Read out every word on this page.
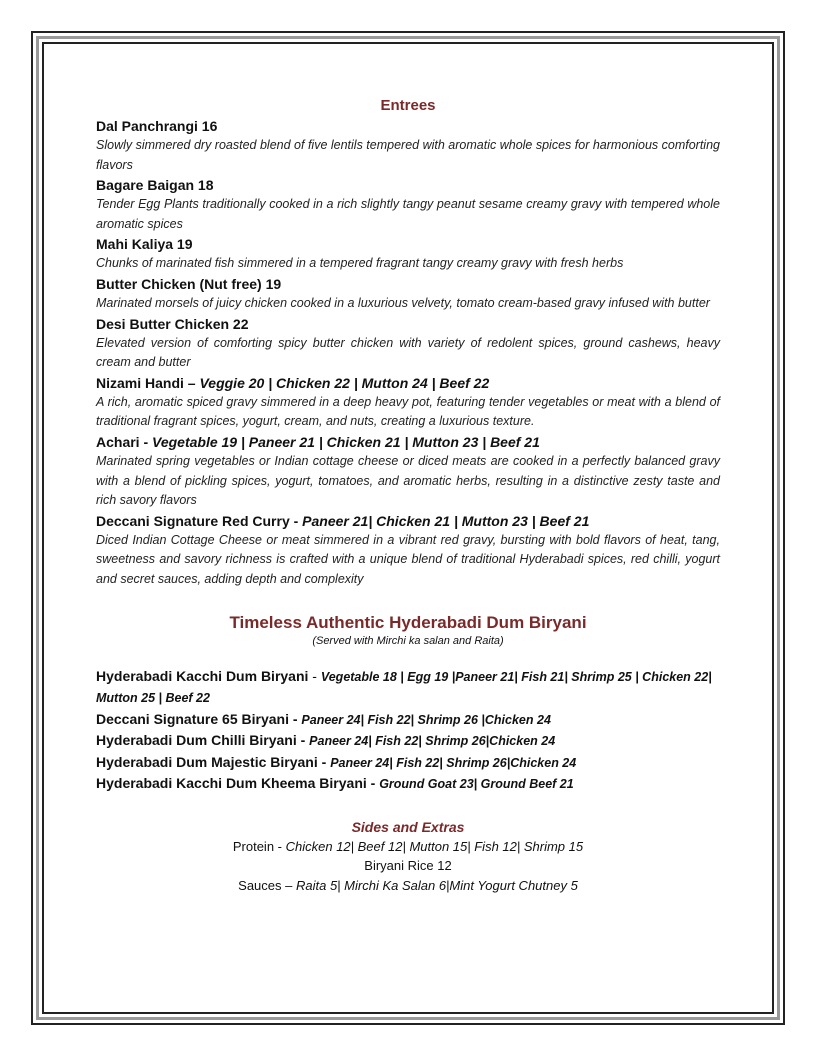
Entrees

Dal Panchrangi 16

Slowly simmered dry roasted blend of five lentils tempered with aromatic whole spices for harmonious comforting flavors

Bagare Baigan 18

Tender Egg Plants traditionally cooked in a rich slightly tangy peanut sesame creamy gravy with tempered whole aromatic spices

Mahi Kaliya 19

Chunks of marinated fish simmered in a tempered fragrant tangy creamy gravy with fresh herbs

Butter Chicken (Nut free) 19

Marinated morsels of juicy chicken cooked in a luxurious velvety, tomato cream-based gravy infused with butter

Desi Butter Chicken 22

Elevated version of comforting spicy butter chicken with variety of redolent spices, ground cashews, heavy cream and butter

Nizami Handi – Veggie 20 | Chicken 22 | Mutton 24 | Beef 22

A rich, aromatic spiced gravy simmered in a deep heavy pot, featuring tender vegetables or meat with a blend of traditional fragrant spices, yogurt, cream, and nuts, creating a luxurious texture.

Achari - Vegetable 19 | Paneer 21 | Chicken 21 | Mutton 23 | Beef 21

Marinated spring vegetables or Indian cottage cheese or diced meats are cooked in a perfectly balanced gravy with a blend of pickling spices, yogurt, tomatoes, and aromatic herbs, resulting in a distinctive zesty taste and rich savory flavors

Deccani Signature Red Curry - Paneer 21| Chicken 21 | Mutton 23 | Beef 21

Diced Indian Cottage Cheese or meat simmered in a vibrant red gravy, bursting with bold flavors of heat, tang, sweetness and savory richness is crafted with a unique blend of traditional Hyderabadi spices, red chilli, yogurt and secret sauces, adding depth and complexity

Timeless Authentic Hyderabadi Dum Biryani

(Served with Mirchi ka salan and Raita)

Hyderabadi Kacchi Dum Biryani - Vegetable 18 | Egg 19 |Paneer 21| Fish 21| Shrimp 25 | Chicken 22| Mutton 25 | Beef 22

Deccani Signature 65 Biryani - Paneer 24| Fish 22| Shrimp 26 |Chicken 24

Hyderabadi Dum Chilli Biryani - Paneer 24| Fish 22| Shrimp 26|Chicken 24

Hyderabadi Dum Majestic Biryani - Paneer 24| Fish 22| Shrimp 26|Chicken 24

Hyderabadi Kacchi Dum Kheema Biryani - Ground Goat 23| Ground Beef 21

Sides and Extras

Protein - Chicken 12| Beef 12| Mutton 15| Fish 12| Shrimp 15

Biryani Rice 12

Sauces – Raita 5| Mirchi Ka Salan 6|Mint Yogurt Chutney 5
